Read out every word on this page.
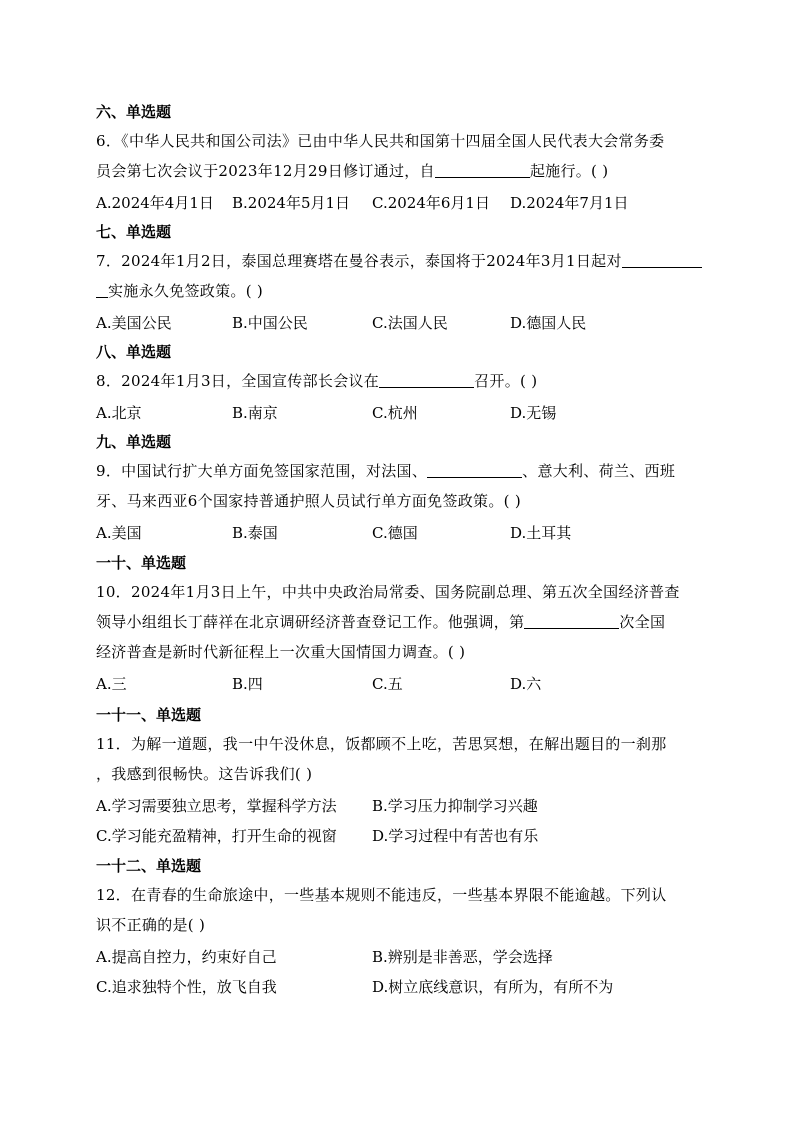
六、单选题
6．《中华人民共和国公司法》已由中华人民共和国第十四届全国人民代表大会常务委
员会第七次会议于2023年12月29日修订通过，自	起施行。( )
A.2024年4月1日 B.2024年5月1日 C.2024年6月1日 D.2024年7月1日
七、单选题
7．2024年1月2日，泰国总理赛塔在曼谷表示，泰国将于2024年3月1日起对
实施永久免签政策。( )
A.美国公民	B.中国公民	C.法国人民	D.德国人民
八、单选题
8．2024年1月3日，全国宣传部长会议在	召开。( )
A.北京	B.南京	C.杭州	D.无锡
九、单选题
9．中国试行扩大单方面免签国家范围，对法国、	、意大利、荷兰、西班
牙、马来西亚6个国家持普通护照人员试行单方面免签政策。( )
A.美国	B.泰国	C.德国	D.土耳其
一十、单选题
10．2024年1月3日上午，中共中央政治局常委、国务院副总理、第五次全国经济普查
领导小组组长丁薛祥在北京调研经济普查登记工作。他强调，第	次全国
经济普查是新时代新征程上一次重大国情国力调查。( )
A.三	B.四	C.五	D.六
一十一、单选题
11．为解一道题，我一中午没休息，饭都顾不上吃，苦思冥想，在解出题目的一刹那
，我感到很畅快。这告诉我们( )
A.学习需要独立思考，掌握科学方法 B.学习压力抑制学习兴趣
C.学习能充盈精神，打开生命的视窗 D.学习过程中有苦也有乐
一十二、单选题
12．在青春的生命旅途中，一些基本规则不能违反，一些基本界限不能逾越。下列认
识不正确的是( )
A.提高自控力，约束好自己	B.辨别是非善恶，学会选择
C.追求独特个性，放飞自我	D.树立底线意识，有所为，有所不为
